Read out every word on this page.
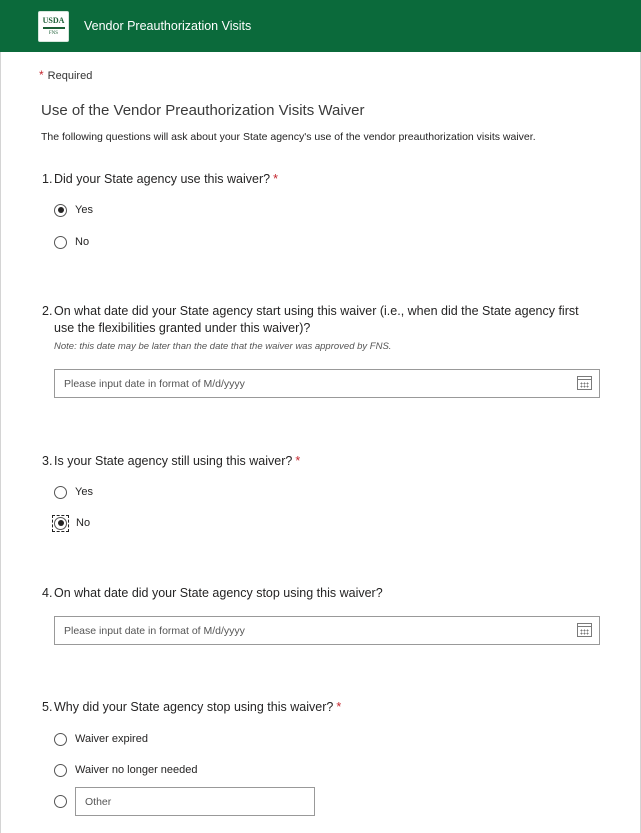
USDA
FNS Vendor Preauthorization Visits
* Required
Use of the Vendor Preauthorization Visits Waiver

The following questions will ask about your State agency's use of the vendor preauthorization visits waiver.

1. Did your State agency use this waiver? *
Yes
No
2. On what date did your State agency start using this waiver (i.e., when did the State agency first
use the flexibilities granted under this waiver)?
Note: this date may be later than the date that the waiver was approved by FNS.
Please input date in format of M/d/yyyy
3. Is your State agency still using this waiver? *
Yes
No
4. On what date did your State agency stop using this waiver?
Please input date in format of M/d/yyyy
5. Why did your State agency stop using this waiver? *
Waiver expired
Waiver no longer needed
Other
